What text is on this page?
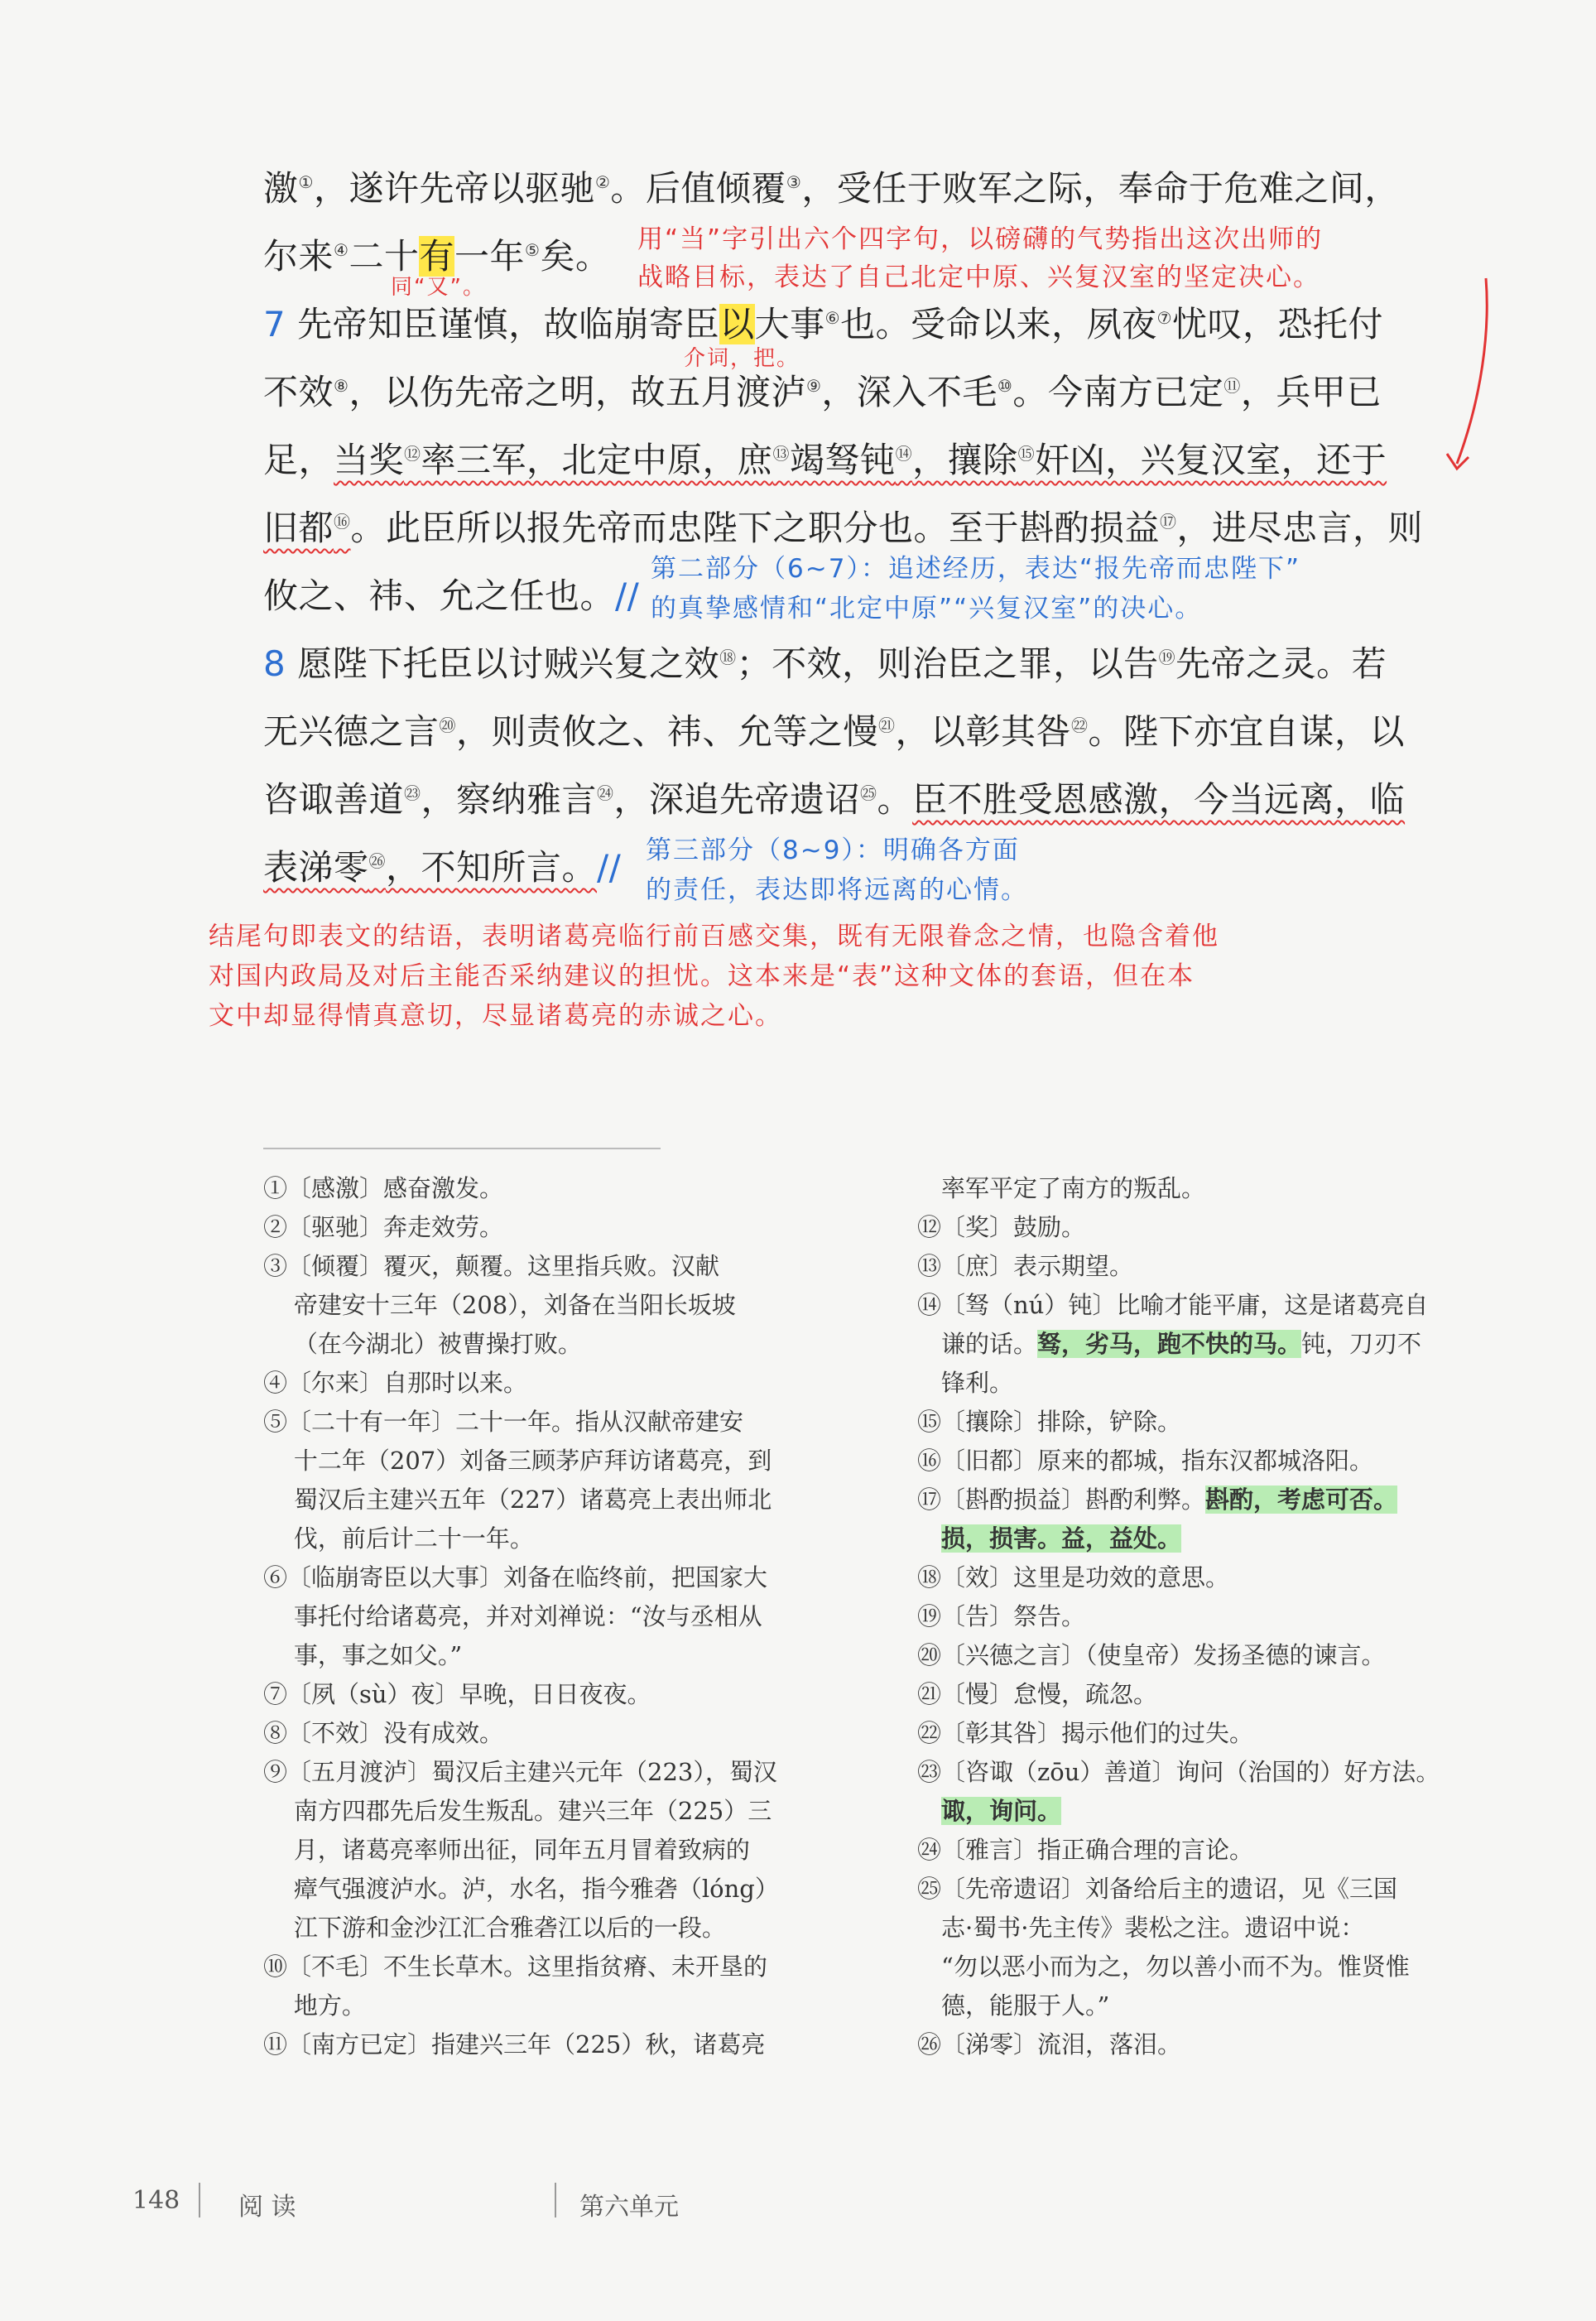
激①，遂许先帝以驱驰②。后值倾覆③，受任于败军之际，奉命于危难之间，
尔来④二十有一年⑤矣。
7 先帝知臣谨慎，故临崩寄臣以大事⑥也。受命以来，夙夜⑦忧叹，恐托付
不效⑧，以伤先帝之明，故五月渡泸⑨，深入不毛⑩。今南方已定⑪，兵甲已
足，当奖⑫率三军，北定中原，庶⑬竭驽钝⑭，攘除⑮奸凶，兴复汉室，还于
旧都⑯。此臣所以报先帝而忠陛下之职分也。至于斟酌损益⑰，进尽忠言，则
攸之、祎、允之任也。//
8 愿陛下托臣以讨贼兴复之效⑱；不效，则治臣之罪，以告⑲先帝之灵。若
无兴德之言⑳，则责攸之、祎、允等之慢$^㉑$，以彰其咎$^㉒$。陛下亦宜自谋，以
咨诹善道$^㉓$，察纳雅言$^㉔$，深追先帝遗诏$^㉕$。臣不胜受恩感激，今当远离，临
表涕零$^㉖$，不知所言。//
用“当”字引出六个四字句，以磅礴的气势指出这次出师的
战略目标，表达了自己北定中原、兴复汉室的坚定决心。
同“又”。
介词，把。
第二部分（6~7）：追述经历，表达“报先帝而忠陛下”
的真挚感情和“北定中原”“兴复汉室”的决心。
第三部分（8~9）：明确各方面
的责任，表达即将远离的心情。
结尾句即表文的结语，表明诸葛亮临行前百感交集，既有无限眷念之情，也隐含着他
对国内政局及对后主能否采纳建议的担忧。这本来是“表”这种文体的套语，但在本
文中却显得情真意切，尽显诸葛亮的赤诚之心。
①〔感激〕感奋激发。
②〔驱驰〕奔走效劳。
③〔倾覆〕覆灭，颠覆。这里指兵败。汉献
帝建安十三年（208），刘备在当阳长坂坡
（在今湖北）被曹操打败。
④〔尔来〕自那时以来。
⑤〔二十有一年〕二十一年。指从汉献帝建安
十二年（207）刘备三顾茅庐拜访诸葛亮，到
蜀汉后主建兴五年（227）诸葛亮上表出师北
伐，前后计二十一年。
⑥〔临崩寄臣以大事〕刘备在临终前，把国家大
事托付给诸葛亮，并对刘禅说：“汝与丞相从
事，事之如父。”
⑦〔夙（sù）夜〕早晚，日日夜夜。
⑧〔不效〕没有成效。
⑨〔五月渡泸〕蜀汉后主建兴元年（223），蜀汉
南方四郡先后发生叛乱。建兴三年（225）三
月，诸葛亮率师出征，同年五月冒着致病的
瘴气强渡泸水。泸，水名，指今雅砻（lóng）
江下游和金沙江汇合雅砻江以后的一段。
⑩〔不毛〕不生长草木。这里指贫瘠、未开垦的
地方。
⑪〔南方已定〕指建兴三年（225）秋，诸葛亮
率军平定了南方的叛乱。
⑫〔奖〕鼓励。
⑬〔庶〕表示期望。
⑭〔驽（nú）钝〕比喻才能平庸，这是诸葛亮自
谦的话。驽，劣马，跑不快的马。钝，刀刃不
锋利。
⑮〔攘除〕排除，铲除。
⑯〔旧都〕原来的都城，指东汉都城洛阳。
⑰〔斟酌损益〕斟酌利弊。斟酌，考虑可否。
损，损害。益，益处。
⑱〔效〕这里是功效的意思。
⑲〔告〕祭告。
⑳〔兴德之言〕（使皇帝）发扬圣德的谏言。
㉑〔慢〕怠慢，疏忽。
㉒〔彰其咎〕揭示他们的过失。
㉓〔咨诹（zōu）善道〕询问（治国的）好方法。
诹，询问。
㉔〔雅言〕指正确合理的言论。
㉕〔先帝遗诏〕刘备给后主的遗诏，见《三国
志·蜀书·先主传》裴松之注。遗诏中说：
“勿以恶小而为之，勿以善小而不为。惟贤惟
德，能服于人。”
㉖〔涕零〕流泪，落泪。
148 阅 读	第六单元
